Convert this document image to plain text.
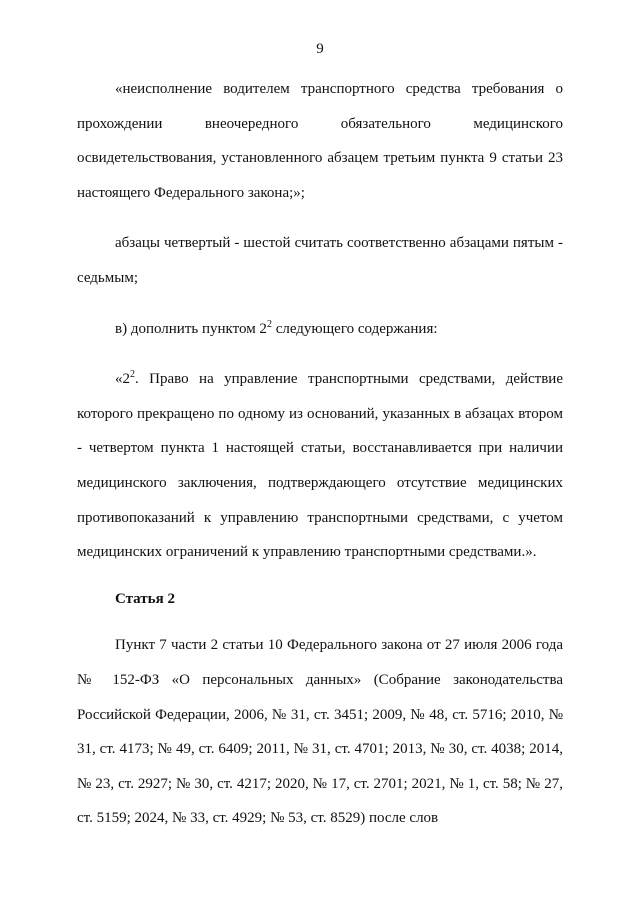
9

«неисполнение водителем транспортного средства требования о прохождении внеочередного обязательного медицинского освидетельствования, установленного абзацем третьим пункта 9 статьи 23 настоящего Федерального закона;»;

абзацы четвертый - шестой считать соответственно абзацами пятым - седьмым;

в) дополнить пунктом $2^2$ следующего содержания:

«$2^2$. Право на управление транспортными средствами, действие которого прекращено по одному из оснований, указанных в абзацах втором - четвертом пункта 1 настоящей статьи, восстанавливается при наличии медицинского заключения, подтверждающего отсутствие медицинских противопоказаний к управлению транспортными средствами, с учетом медицинских ограничений к управлению транспортными средствами.».

Статья 2

Пункт 7 части 2 статьи 10 Федерального закона от 27 июля 2006 года № 152-ФЗ «О персональных данных» (Собрание законодательства Российской Федерации, 2006, № 31, ст. 3451; 2009, № 48, ст. 5716; 2010, № 31, ст. 4173; № 49, ст. 6409; 2011, № 31, ст. 4701; 2013, № 30, ст. 4038; 2014, № 23, ст. 2927; № 30, ст. 4217; 2020, № 17, ст. 2701; 2021, № 1, ст. 58; № 27, ст. 5159; 2024, № 33, ст. 4929; № 53, ст. 8529) после слов
